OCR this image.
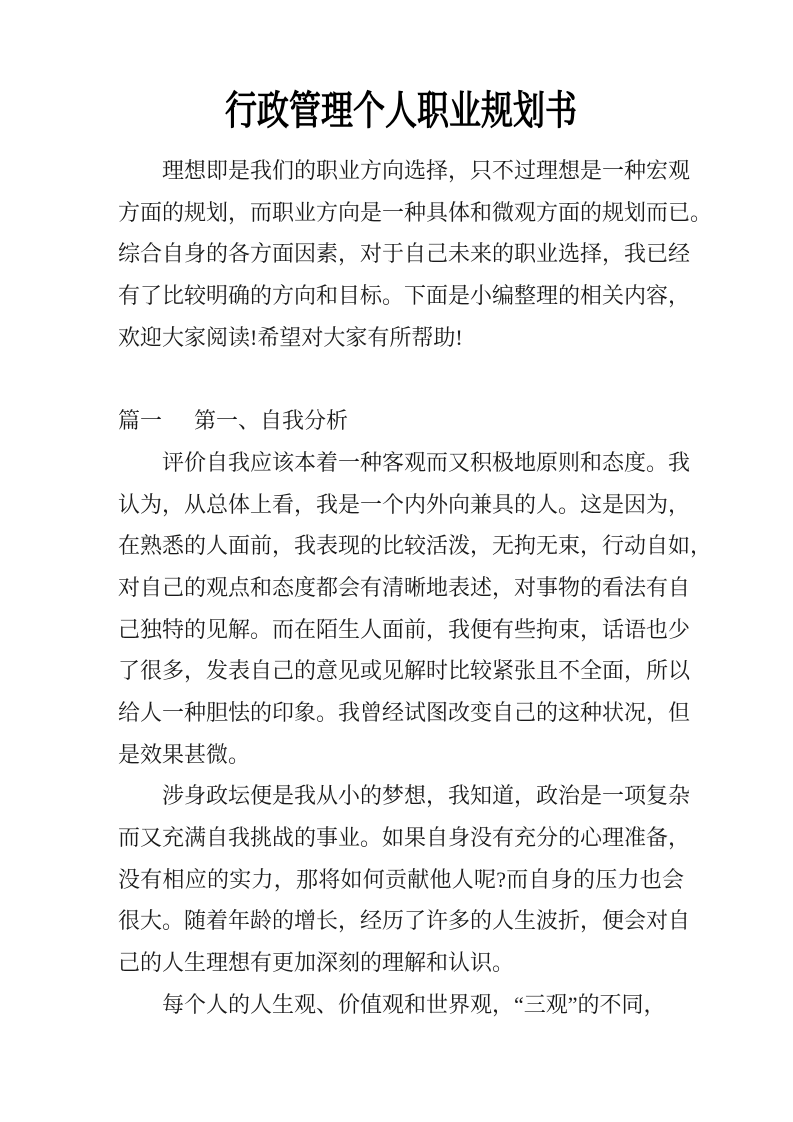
行政管理个人职业规划书
理想即是我们的职业方向选择，只不过理想是一种宏观
方面的规划，而职业方向是一种具体和微观方面的规划而已。
综合自身的各方面因素，对于自己未来的职业选择，我已经
有了比较明确的方向和目标。下面是小编整理的相关内容，
欢迎大家阅读!希望对大家有所帮助!
篇一 第一、自我分析
评价自我应该本着一种客观而又积极地原则和态度。我
认为，从总体上看，我是一个内外向兼具的人。这是因为，
在熟悉的人面前，我表现的比较活泼，无拘无束，行动自如，
对自己的观点和态度都会有清晰地表述，对事物的看法有自
己独特的见解。而在陌生人面前，我便有些拘束，话语也少
了很多，发表自己的意见或见解时比较紧张且不全面，所以
给人一种胆怯的印象。我曾经试图改变自己的这种状况，但
是效果甚微。
涉身政坛便是我从小的梦想，我知道，政治是一项复杂
而又充满自我挑战的事业。如果自身没有充分的心理准备，
没有相应的实力，那将如何贡献他人呢?而自身的压力也会
很大。随着年龄的增长，经历了许多的人生波折，便会对自
己的人生理想有更加深刻的理解和认识。
每个人的人生观、价值观和世界观，“三观”的不同，
